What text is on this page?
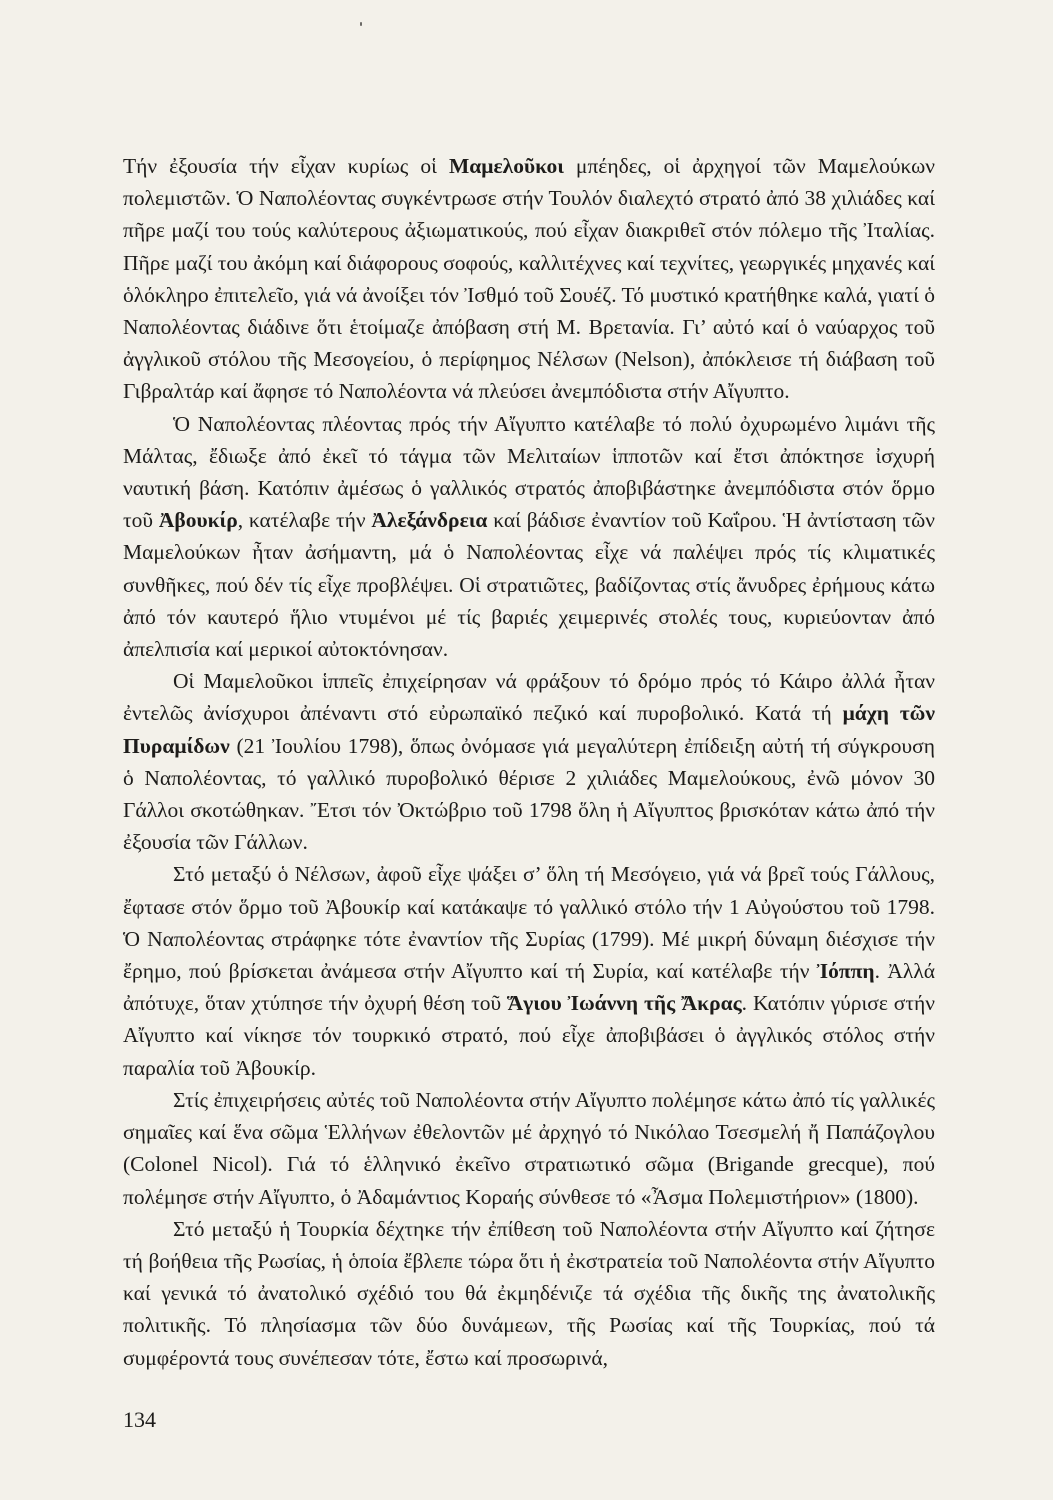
Τήν ἐξουσία τήν εἶχαν κυρίως οἱ Μαμελοῦκοι μπέηδες, οἱ ἀρχηγοί τῶν Μαμελούκων πολεμιστῶν. Ὁ Ναπολέοντας συγκέντρωσε στήν Τουλόν διαλεχτό στρατό ἀπό 38 χιλιάδες καί πῆρε μαζί του τούς καλύτερους ἀξιωματικούς, πού εἶχαν διακριθεῖ στόν πόλεμο τῆς Ἰταλίας. Πῆρε μαζί του ἀκόμη καί διάφορους σοφούς, καλλιτέχνες καί τεχνίτες, γεωργικές μηχανές καί ὁλόκληρο ἐπιτελεῖο, γιά νά ἀνοίξει τόν Ἰσθμό τοῦ Σουέζ. Τό μυστικό κρατήθηκε καλά, γιατί ὁ Ναπολέοντας διάδινε ὅτι ἑτοίμαζε ἀπόβαση στή Μ. Βρετανία. Γι’ αὐτό καί ὁ ναύαρχος τοῦ ἀγγλικοῦ στόλου τῆς Μεσογείου, ὁ περίφημος Νέλσων (Nelson), ἀπόκλεισε τή διάβαση τοῦ Γιβραλτάρ καί ἄφησε τό Ναπολέοντα νά πλεύσει ἀνεμπόδιστα στήν Αἴγυπτο.

Ὁ Ναπολέοντας πλέοντας πρός τήν Αἴγυπτο κατέλαβε τό πολύ ὀχυρωμένο λιμάνι τῆς Μάλτας, ἔδιωξε ἀπό ἐκεῖ τό τάγμα τῶν Μελιταίων ἱπποτῶν καί ἔτσι ἀπόκτησε ἰσχυρή ναυτική βάση. Κατόπιν ἀμέσως ὁ γαλλικός στρατός ἀποβιβάστηκε ἀνεμπόδιστα στόν ὅρμο τοῦ Ἀβουκίρ, κατέλαβε τήν Ἀλεξάνδρεια καί βάδισε ἐναντίον τοῦ Καΐρου. Ἡ ἀντίσταση τῶν Μαμελούκων ἦταν ἀσήμαντη, μά ὁ Ναπολέοντας εἶχε νά παλέψει πρός τίς κλιματικές συνθῆκες, πού δέν τίς εἶχε προβλέψει. Οἱ στρατιῶτες, βαδίζοντας στίς ἄνυδρες ἐρήμους κάτω ἀπό τόν καυτερό ἥλιο ντυμένοι μέ τίς βαριές χειμερινές στολές τους, κυριεύονταν ἀπό ἀπελπισία καί μερικοί αὐτοκτόνησαν.

Οἱ Μαμελοῦκοι ἱππεῖς ἐπιχείρησαν νά φράξουν τό δρόμο πρός τό Κάιρο ἀλλά ἦταν ἐντελῶς ἀνίσχυροι ἀπέναντι στό εὐρωπαϊκό πεζικό καί πυροβολικό. Κατά τή μάχη τῶν Πυραμίδων (21 Ἰουλίου 1798), ὅπως ὀνόμασε γιά μεγαλύτερη ἐπίδειξη αὐτή τή σύγκρουση ὁ Ναπολέοντας, τό γαλλικό πυροβολικό θέρισε 2 χιλιάδες Μαμελούκους, ἐνῶ μόνον 30 Γάλλοι σκοτώθηκαν. Ἔτσι τόν Ὀκτώβριο τοῦ 1798 ὅλη ἡ Αἴγυπτος βρισκόταν κάτω ἀπό τήν ἐξουσία τῶν Γάλλων.

Στό μεταξύ ὁ Νέλσων, ἀφοῦ εἶχε ψάξει σ’ ὅλη τή Μεσόγειο, γιά νά βρεῖ τούς Γάλλους, ἔφτασε στόν ὅρμο τοῦ Ἀβουκίρ καί κατάκαψε τό γαλλικό στόλο τήν 1 Αὐγούστου τοῦ 1798. Ὁ Ναπολέοντας στράφηκε τότε ἐναντίον τῆς Συρίας (1799). Μέ μικρή δύναμη διέσχισε τήν ἔρημο, πού βρίσκεται ἀνάμεσα στήν Αἴγυπτο καί τή Συρία, καί κατέλαβε τήν Ἰόππη. Ἀλλά ἀπότυχε, ὅταν χτύπησε τήν ὀχυρή θέση τοῦ Ἅγιου Ἰωάννη τῆς Ἄκρας. Κατόπιν γύρισε στήν Αἴγυπτο καί νίκησε τόν τουρκικό στρατό, πού εἶχε ἀποβιβάσει ὁ ἀγγλικός στόλος στήν παραλία τοῦ Ἀβουκίρ.

Στίς ἐπιχειρήσεις αὐτές τοῦ Ναπολέοντα στήν Αἴγυπτο πολέμησε κάτω ἀπό τίς γαλλικές σημαῖες καί ἕνα σῶμα Ἑλλήνων ἐθελοντῶν μέ ἀρχηγό τό Νικόλαο Τσεσμελή ἤ Παπάζογλου (Colonel Nicol). Γιά τό ἑλληνικό ἐκεῖνο στρατιωτικό σῶμα (Brigande grecque), πού πολέμησε στήν Αἴγυπτο, ὁ Ἀδαμάντιος Κοραής σύνθεσε τό «Ἆσμα Πολεμιστήριον» (1800).

Στό μεταξύ ἡ Τουρκία δέχτηκε τήν ἐπίθεση τοῦ Ναπολέοντα στήν Αἴγυπτο καί ζήτησε τή βοήθεια τῆς Ρωσίας, ἡ ὁποία ἔβλεπε τώρα ὅτι ἡ ἐκστρατεία τοῦ Ναπολέοντα στήν Αἴγυπτο καί γενικά τό ἀνατολικό σχέδιό του θά ἐκμηδένιζε τά σχέδια τῆς δικῆς της ἀνατολικῆς πολιτικῆς. Τό πλησίασμα τῶν δύο δυνάμεων, τῆς Ρωσίας καί τῆς Τουρκίας, πού τά συμφέροντά τους συνέπεσαν τότε, ἔστω καί προσωρινά,

134
